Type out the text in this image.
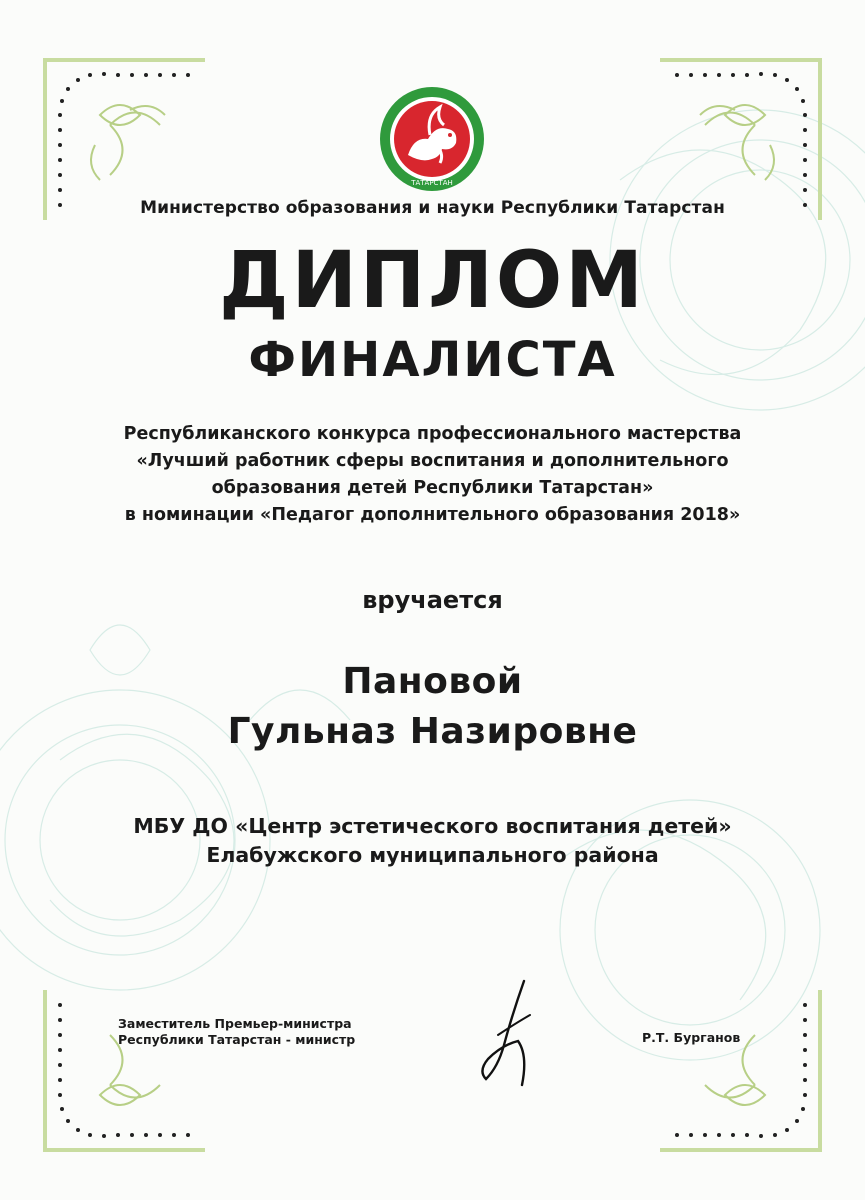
ТАТАРСТАН
Министерство образования и науки Республики Татарстан
ДИПЛОМ
ФИНАЛИСТА
Республиканского конкурса профессионального мастерства
«Лучший работник сферы воспитания и дополнительного
образования детей Республики Татарстан»
в номинации «Педагог дополнительного образования 2018»
вручается
Пановой
Гульназ Назировне
МБУ ДО «Центр эстетического воспитания детей»
Елабужского муниципального района
Заместитель Премьер-министра
Республики Татарстан - министр	Р.Т. Бурганов
